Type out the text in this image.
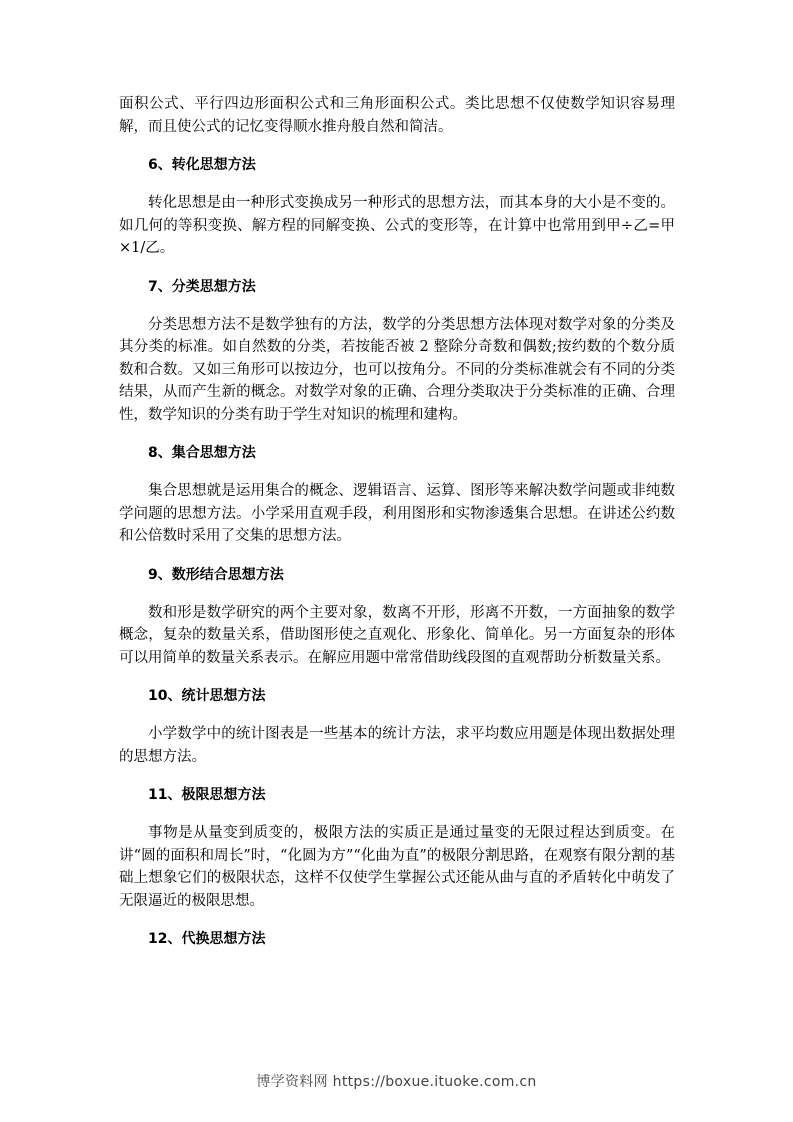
面积公式、平行四边形面积公式和三角形面积公式。类比思想不仅使数学知识容易理解，而且使公式的记忆变得顺水推舟般自然和简洁。

6、转化思想方法

转化思想是由一种形式变换成另一种形式的思想方法，而其本身的大小是不变的。如几何的等积变换、解方程的同解变换、公式的变形等，在计算中也常用到甲÷乙=甲×1/乙。

7、分类思想方法

分类思想方法不是数学独有的方法，数学的分类思想方法体现对数学对象的分类及其分类的标准。如自然数的分类，若按能否被 2 整除分奇数和偶数;按约数的个数分质数和合数。又如三角形可以按边分，也可以按角分。不同的分类标准就会有不同的分类结果，从而产生新的概念。对数学对象的正确、合理分类取决于分类标准的正确、合理性，数学知识的分类有助于学生对知识的梳理和建构。

8、集合思想方法

集合思想就是运用集合的概念、逻辑语言、运算、图形等来解决数学问题或非纯数学问题的思想方法。小学采用直观手段，利用图形和实物渗透集合思想。在讲述公约数和公倍数时采用了交集的思想方法。

9、数形结合思想方法

数和形是数学研究的两个主要对象，数离不开形，形离不开数，一方面抽象的数学概念，复杂的数量关系，借助图形使之直观化、形象化、简单化。另一方面复杂的形体可以用简单的数量关系表示。在解应用题中常常借助线段图的直观帮助分析数量关系。

10、统计思想方法

小学数学中的统计图表是一些基本的统计方法，求平均数应用题是体现出数据处理的思想方法。

11、极限思想方法

事物是从量变到质变的，极限方法的实质正是通过量变的无限过程达到质变。在讲“圆的面积和周长”时，“化圆为方”“化曲为直”的极限分割思路，在观察有限分割的基础上想象它们的极限状态，这样不仅使学生掌握公式还能从曲与直的矛盾转化中萌发了无限逼近的极限思想。

12、代换思想方法
博学资料网 https://boxue.ituoke.com.cn
